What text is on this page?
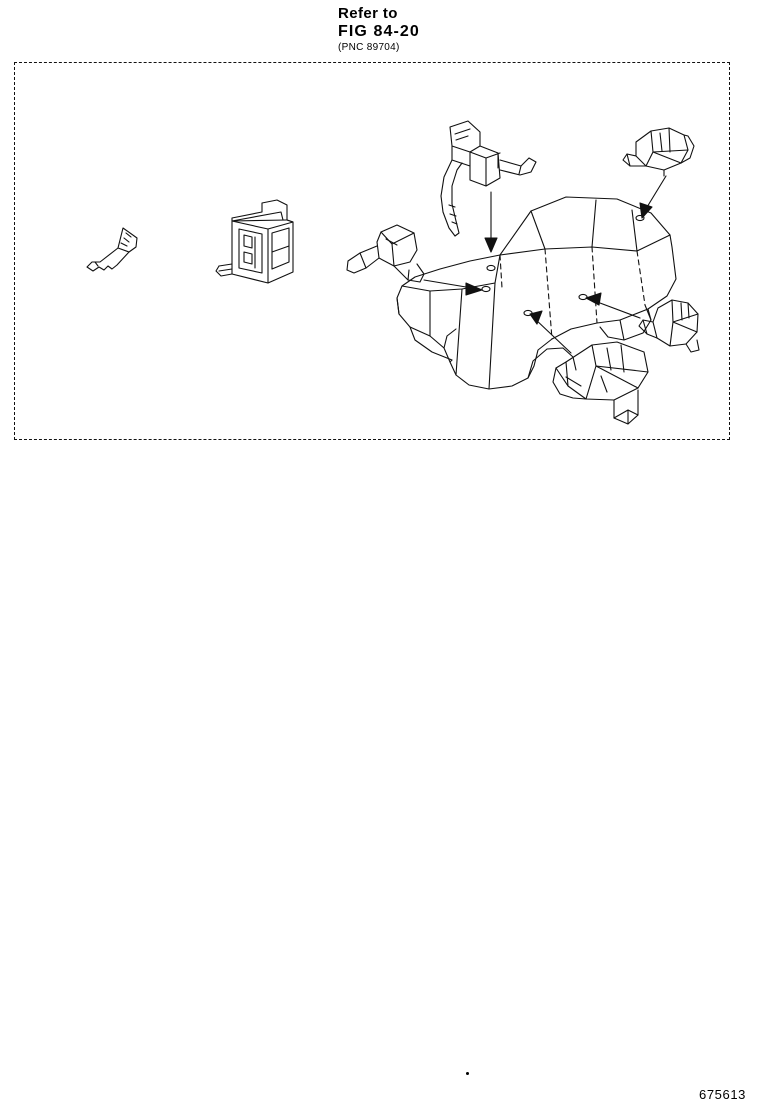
Refer to
FIG 84-20
(PNC 89704)
675613
